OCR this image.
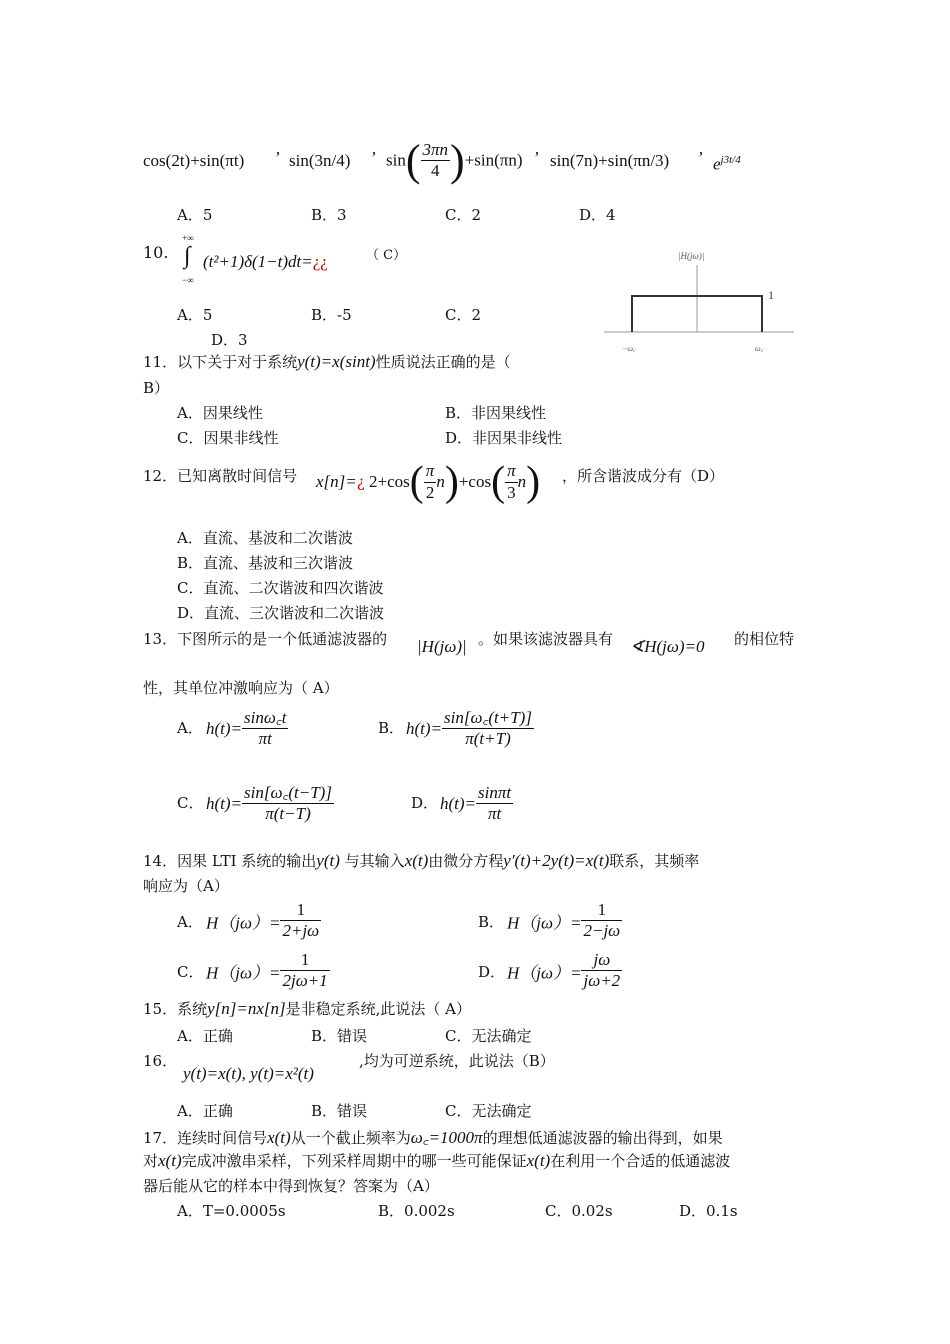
cos(2t)+sin(πt) ’ sin(3n/4) ’ $\sin( \frac{3\pi n}{4} )+\sin(\pi n)$ ’ sin(7n)+sin(πn/3) ’ $e^{j3t/4}$
A．5	B．3	C．2	D．4
10.
+∞
∫
−∞
(t²+1)δ(1−t)dt=¿¿	（ C）
A．5	B．-5	C．2
D．3
|H(jω)|
1
−ω꜀	ω꜀
11．以下关于对于系统y(t)=x(sint)性质说法正确的是（
B）
A．因果线性	B．非因果线性
C．因果非线性	D．非因果非线性
12．已知离散时间信号 x[n]=¿ $2+\cos( \frac{\pi}{2} n)+\cos( \frac{\pi}{3} n)$ ，所含谐波成分有（D）
A．直流、基波和二次谐波
B．直流、基波和三次谐波
C．直流、二次谐波和四次谐波
D．直流、三次谐波和二次谐波
13．下图所示的是一个低通滤波器的 |H(jω)| 。如果该滤波器具有 ∢H(jω)=0 的相位特
性，其单位冲激响应为（ A）
A． $h(t)= \frac{\sin\omega꜀t}{\pi t}$	B． $h(t)= \frac{\sin[\omega꜀(t+T)]}{\pi(t+T)}$
C． $h(t)= \frac{\sin[\omega꜀(t-T)]}{\pi(t-T)}$	D． $h(t)= \frac{\sin\pi t}{\pi t}$
14．因果 LTI 系统的输出y(t) 与其输入x(t)由微分方程y′(t)+2y(t)=x(t)联系，其频率
响应为（A）
A． $H(j\omega)= \frac{1}{2+j\omega}$	B． $H(j\omega)= \frac{1}{2-j\omega}$
C． $H(j\omega)= \frac{1}{2j\omega+1}$	D． $H(j\omega)= \frac{j\omega}{j\omega+2}$
15．系统y[n]=nx[n]是非稳定系统,此说法（ A）
A．正确	B．错误	C．无法确定
16．
y(t)=x(t), y(t)=x²(t)
,均为可逆系统，此说法（B）
A．正确	B．错误	C．无法确定
17．连续时间信号x(t)从一个截止频率为ω꜀=1000π的理想低通滤波器的输出得到，如果
对x(t)完成冲激串采样，下列采样周期中的哪一些可能保证x(t)在利用一个合适的低通滤波
器后能从它的样本中得到恢复？答案为（A）
A．T=0.0005s	B．0.002s	C．0.02s	D．0.1s
